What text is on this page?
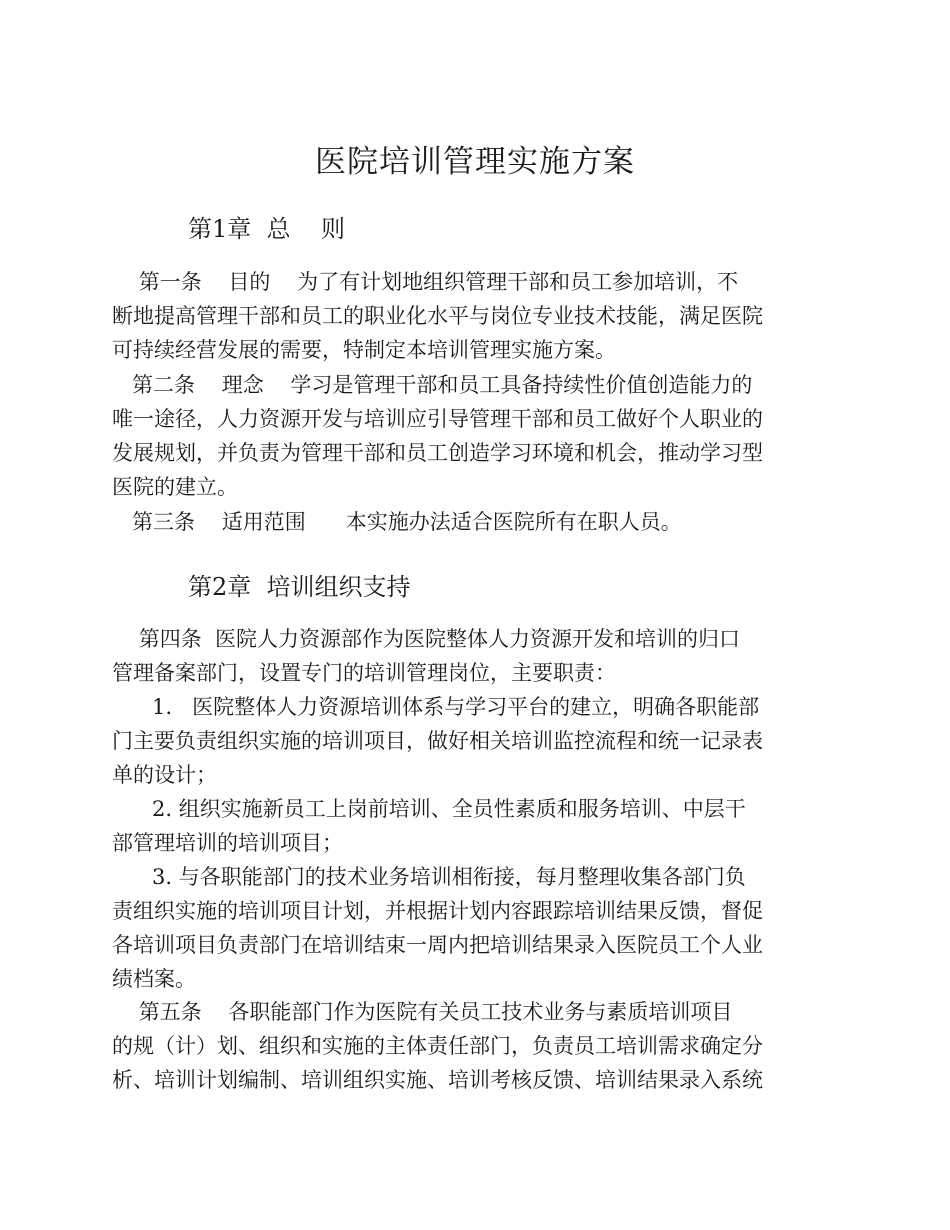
医院培训管理实施方案
第1章  总    则
第一条    目的    为了有计划地组织管理干部和员工参加培训，不
断地提高管理干部和员工的职业化水平与岗位专业技术技能，满足医院
可持续经营发展的需要，特制定本培训管理实施方案。
第二条    理念    学习是管理干部和员工具备持续性价值创造能力的
唯一途径，人力资源开发与培训应引导管理干部和员工做好个人职业的
发展规划，并负责为管理干部和员工创造学习环境和机会，推动学习型
医院的建立。
第三条    适用范围      本实施办法适合医院所有在职人员。
第2章  培训组织支持
第四条  医院人力资源部作为医院整体人力资源开发和培训的归口
管理备案部门，设置专门的培训管理岗位，主要职责：
1.   医院整体人力资源培训体系与学习平台的建立，明确各职能部
门主要负责组织实施的培训项目，做好相关培训监控流程和统一记录表
单的设计；
2. 组织实施新员工上岗前培训、全员性素质和服务培训、中层干
部管理培训的培训项目；
3. 与各职能部门的技术业务培训相衔接，每月整理收集各部门负
责组织实施的培训项目计划，并根据计划内容跟踪培训结果反馈，督促
各培训项目负责部门在培训结束一周内把培训结果录入医院员工个人业
绩档案。
第五条    各职能部门作为医院有关员工技术业务与素质培训项目
的规（计）划、组织和实施的主体责任部门，负责员工培训需求确定分
析、培训计划编制、培训组织实施、培训考核反馈、培训结果录入系统
